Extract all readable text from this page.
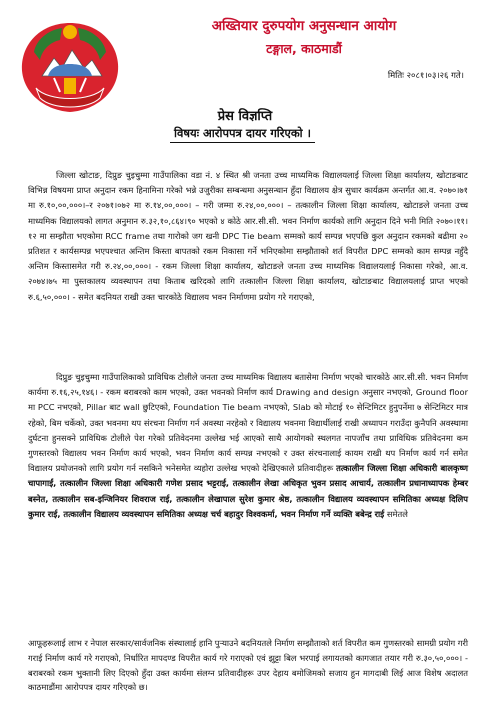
अख्तियार दुरुपयोग अनुसन्धान आयोग
टङ्गाल, काठमाडौं
मितिः २०८१।०३।२६ गते।
प्रेस विज्ञप्ति
विषयः आरोपपत्र दायर गरिएको ।

जिल्ला खोटाङ, दिप्रुङ चुइचुम्मा गाउँपालिका वडा नं. ४ स्थित श्री जनता उच्च माध्यमिक विद्यालयलाई जिल्ला शिक्षा कार्यालय, खोटाङबाट विभिन्न विषयमा प्राप्त अनुदान रकम हिनामिना गरेको भन्ने उजुरीका सम्बन्धमा अनुसन्धान हुँदा विद्यालय क्षेत्र सुधार कार्यक्रम अन्तर्गत आ.व. २०७०।७१ मा रु.१०,००,०००।–र २०७१।०७२ मा रु.१४,००,०००। – गरी जम्मा रु.२४,००,०००। – तत्कालीन जिल्ला शिक्षा कार्यालय, खोटाङले जनता उच्च माध्यमिक विद्यालयको लागत अनुमान रु.३२,१०,८६४।९० भएको ४ कोठे आर.सी.सी. भवन निर्माण कार्यको लागि अनुदान दिने भनी मिति २०७०।११।१२ मा सम्झौता भएकोमा RCC frame तथा गारोको जग खनी DPC Tie beam सम्मको कार्य सम्पन्न भएपछि कुल अनुदान रकमको बढीमा २० प्रतिशत र कार्यसम्पन्न भएपश्चात अन्तिम किस्ता बापतको रकम निकासा गर्ने भनिएकोमा सम्झौताको शर्त विपरीत DPC सम्मको काम सम्पन्न नहुँदै अन्तिम किस्तासमेत गरी रु.२४,००,०००। - रकम जिल्ला शिक्षा कार्यालय, खोटाङले जनता उच्च माध्यमिक विद्यालयलाई निकासा गरेको, आ.व. २०७४।७५ मा पुस्तकालय व्यवस्थापन तथा किताब खरिदको लागि तत्कालीन जिल्ला शिक्षा कार्यालय, खोटाङबाट विद्यालयलाई प्राप्त भएको रु.६,५०,०००। - समेत बदनियत राखी उक्त चारकोठे विद्यालय भवन निर्माणमा प्रयोग गरे गराएको,

दिप्रुङ चुइचुम्मा गाउँपालिकाको प्राविधिक टोलीले जनता उच्च माध्यमिक विद्यालय बतासेमा निर्माण भएको चारकोठे आर.सी.सी. भवन निर्माण कार्यमा रु.१६,२५,१४६। - रकम बराबरको काम भएको, उक्त भवनको निर्माण कार्य Drawing and design अनुसार नभएको, Ground floor मा PCC नभएको, Pillar बाट wall छुटिएको, Foundation Tie beam नभएको, Slab को मोटाई १० सेन्टिमिटर हुनुपर्नेमा ७ सेन्टिमिटर मात्र रहेको, बिम चर्केको, उक्त भवनमा थप संरचना निर्माण गर्न अवस्था नरहेको र विद्यालय भवनमा विद्यार्थीलाई राखी अध्यापन गराउँदा कुनैपनि अवस्थामा दुर्घटना हुनसक्ने प्राविधिक टोलीले पेश गरेको प्रतिवेदनमा उल्लेख भई आएको साथै आयोगको स्थलगत नापजाँच तथा प्राविधिक प्रतिवेदनमा कम गुणस्तरको विद्यालय भवन निर्माण कार्य भएको, भवन निर्माण कार्य सम्पन्न नभएको र उक्त संरचनालाई कायम राखी थप निर्माण कार्य गर्न समेत विद्यालय प्रयोजनको लागि प्रयोग गर्न नसकिने भनेसमेत व्यहोरा उल्लेख भएको देखिएकाले प्रतिवादीहरू तत्कालीन जिल्ला शिक्षा अधिकारी बालकृष्ण चापागाईं, तत्कालीन जिल्ला शिक्षा अधिकारी गणेश प्रसाद भट्टराई, तत्कालीन लेखा अधिकृत भुवन प्रसाद आचार्य, तत्कालीन प्रधानाध्यापक हेम्बर बस्नेत, तत्कालीन सब-इन्जिनियर शिवराज राई, तत्कालीन लेखापाल सुरेश कुमार श्रेष्ठ, तत्कालीन विद्यालय व्यवस्थापन समितिका अध्यक्ष दिलिप कुमार राई, तत्कालीन विद्यालय व्यवस्थापन समितिका अध्यक्ष चर्च बहादुर विश्वकर्मा, भवन निर्माण गर्ने व्यक्ति बबेन्द्र राई समेतले

आफूहरूलाई लाभ र नेपाल सरकार/सार्वजनिक संस्थालाई हानि पुऱ्याउने बदनियतले निर्माण सम्झौताको शर्त विपरीत कम गुणस्तरको सामग्री प्रयोग गरी गराई निर्माण कार्य गरे गराएको, निर्धारित मापदण्ड विपरीत कार्य गरे गराएको एवं झुट्टा बिल भरपाई लगायतको कागजात तयार गरी रु.३०,५०,०००। - बराबरको रकम भुक्तानी लिए दिएको हुँदा उक्त कार्यमा संलग्न प्रतिवादीहरू उपर देहाय बमोजिमको सजाय हुन मागदाबी लिई आज विशेष अदालत काठमाडौंमा आरोपपत्र दायर गरिएको छ।
